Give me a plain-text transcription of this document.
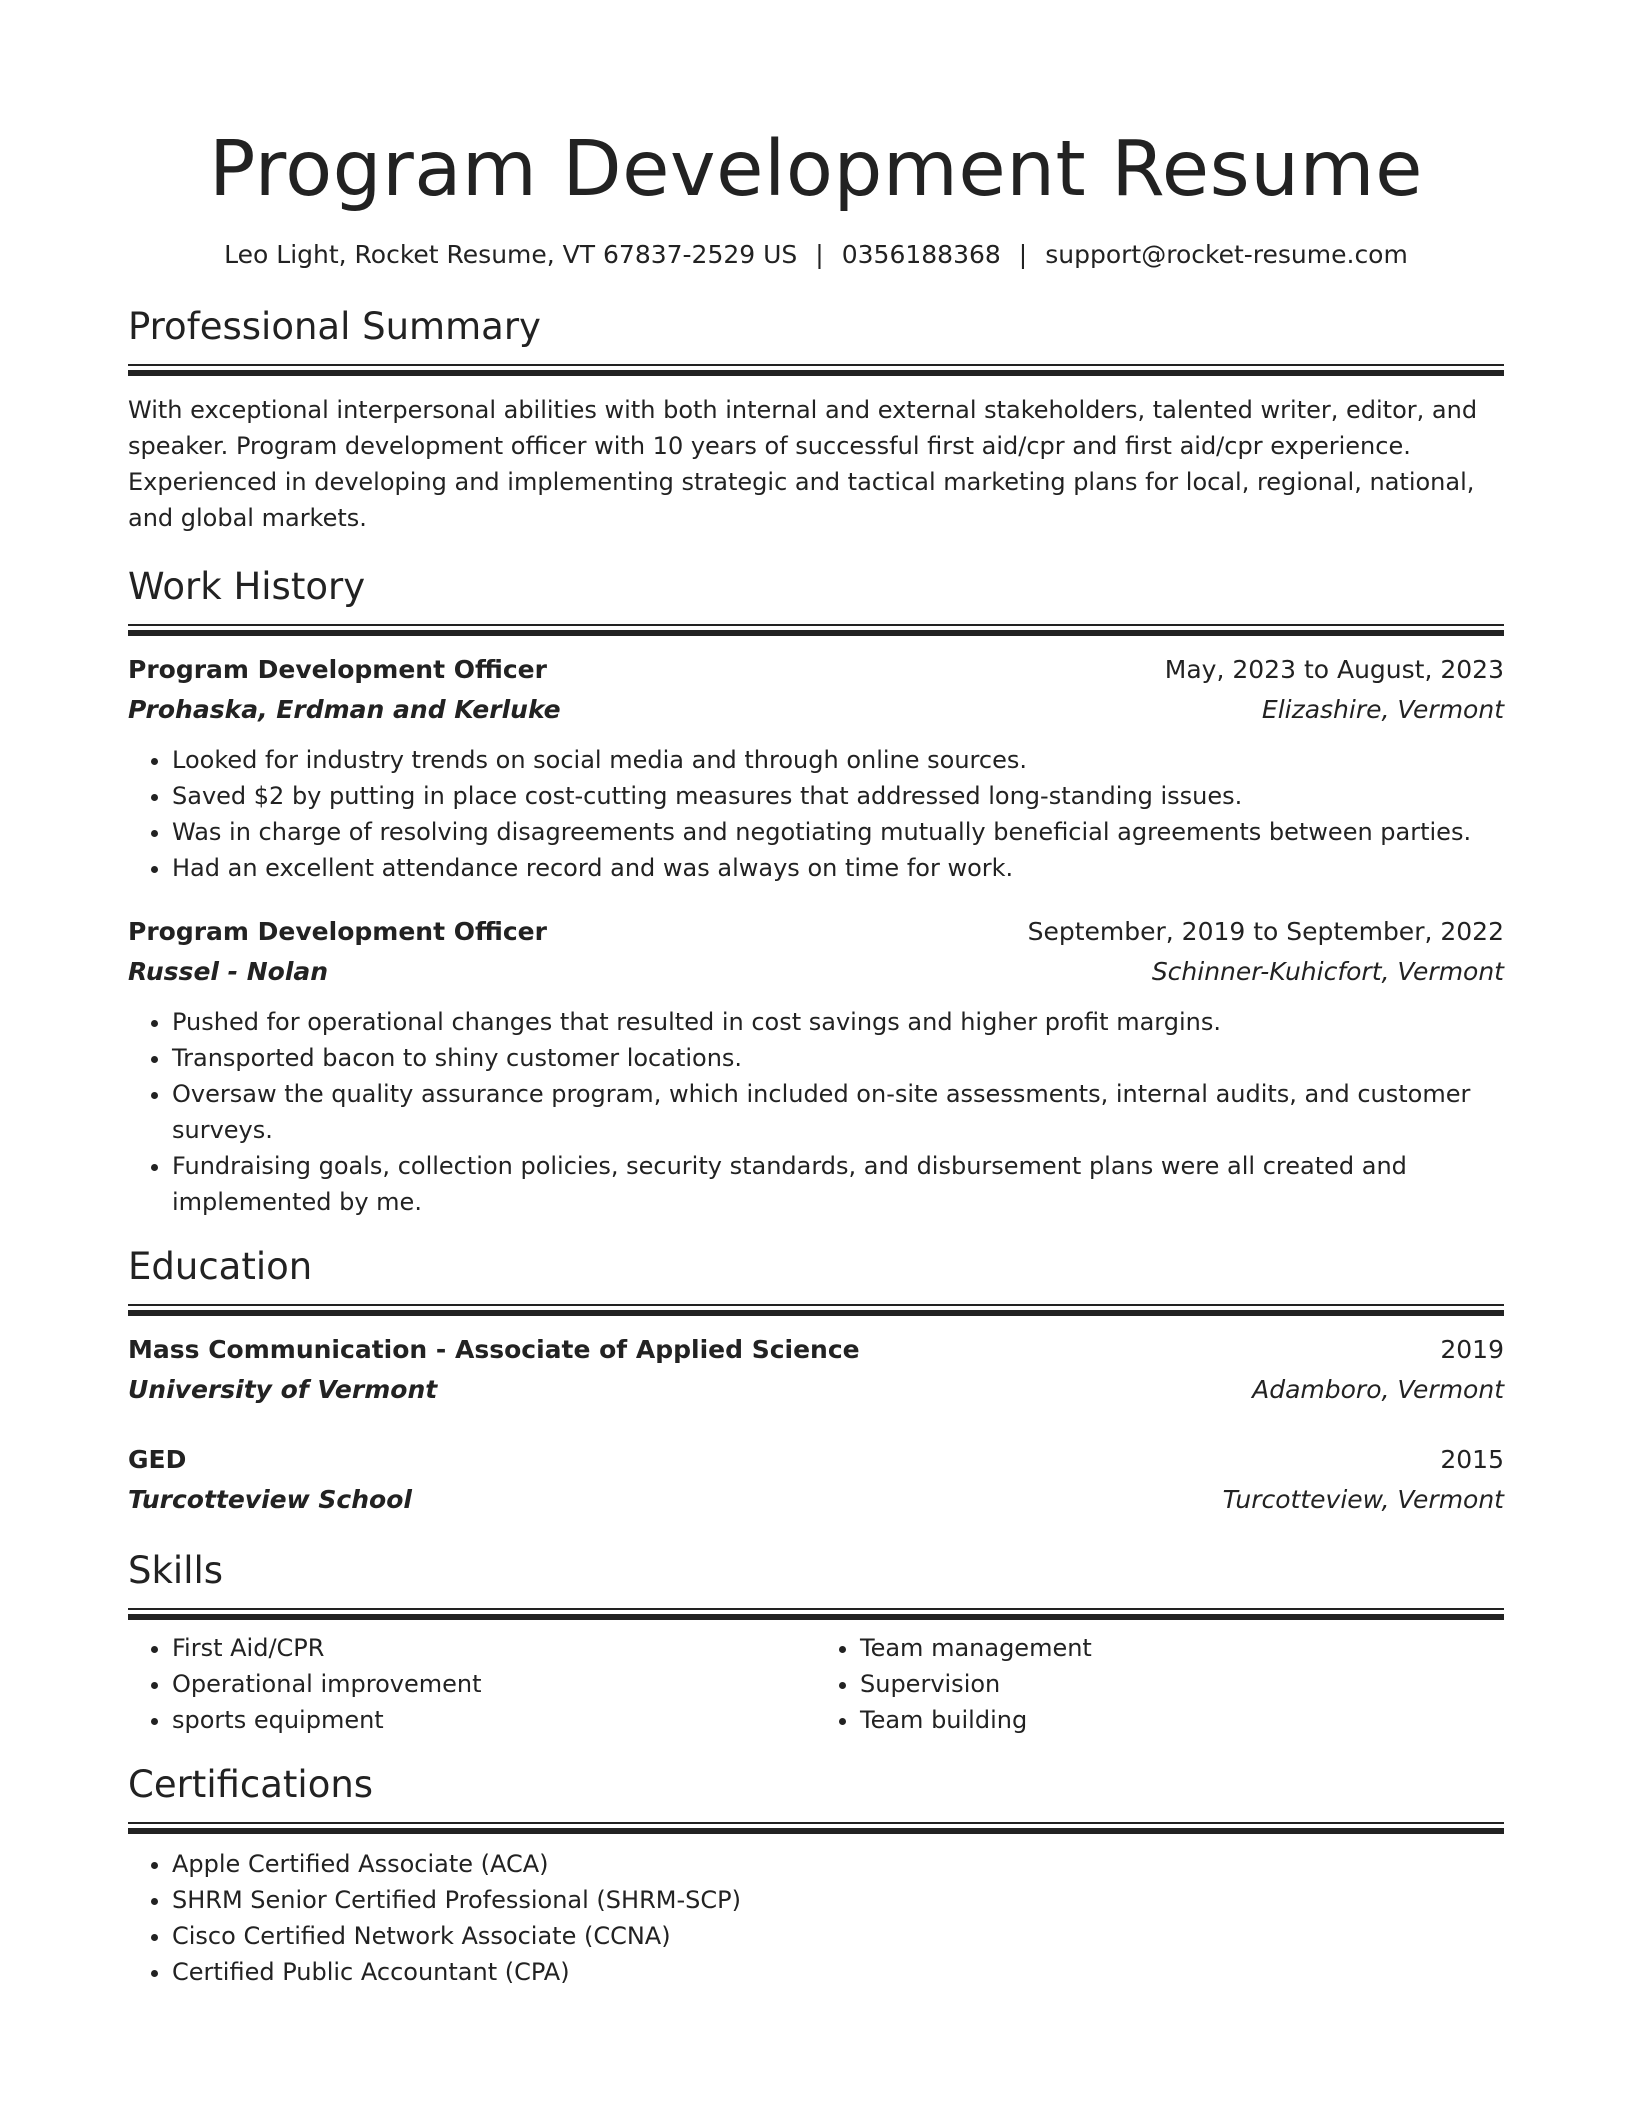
Program Development Resume
Leo Light, Rocket Resume, VT 67837-2529 US | 0356188368 | support@rocket-resume.com
Professional Summary
With exceptional interpersonal abilities with both internal and external stakeholders, talented writer, editor, and speaker. Program development officer with 10 years of successful first aid/cpr and first aid/cpr experience. Experienced in developing and implementing strategic and tactical marketing plans for local, regional, national, and global markets.
Work History
Program Development Officer	May, 2023 to August, 2023
Prohaska, Erdman and Kerluke	Elizashire, Vermont
• Looked for industry trends on social media and through online sources.
• Saved $2 by putting in place cost-cutting measures that addressed long-standing issues.
• Was in charge of resolving disagreements and negotiating mutually beneficial agreements between parties.
• Had an excellent attendance record and was always on time for work.
Program Development Officer	September, 2019 to September, 2022
Russel - Nolan	Schinner-Kuhicfort, Vermont
• Pushed for operational changes that resulted in cost savings and higher profit margins.
• Transported bacon to shiny customer locations.
• Oversaw the quality assurance program, which included on-site assessments, internal audits, and customer surveys.
• Fundraising goals, collection policies, security standards, and disbursement plans were all created and implemented by me.
Education
Mass Communication - Associate of Applied Science	2019
University of Vermont	Adamboro, Vermont
GED	2015
Turcotteview School	Turcotteview, Vermont
Skills
• First Aid/CPR
• Operational improvement
• sports equipment
• Team management
• Supervision
• Team building
Certifications
• Apple Certified Associate (ACA)
• SHRM Senior Certified Professional (SHRM-SCP)
• Cisco Certified Network Associate (CCNA)
• Certified Public Accountant (CPA)
